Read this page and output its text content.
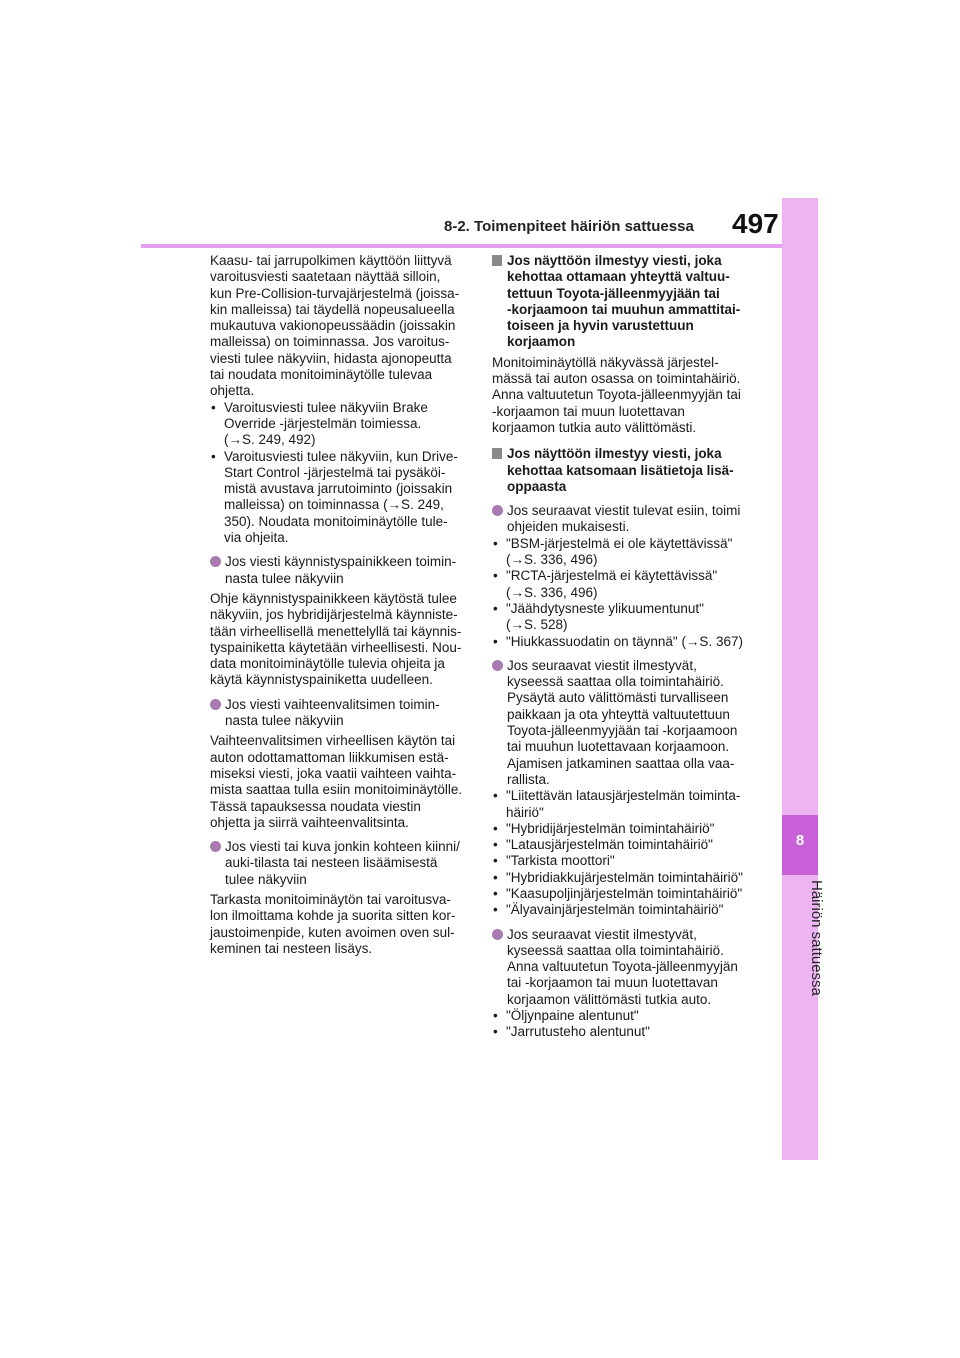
8-2. Toimenpiteet häiriön sattuessa 497
8
Häiriön sattuessa
Kaasu- tai jarrupolkimen käyttöön liittyvä
varoitusviesti saatetaan näyttää silloin,
kun Pre-Collision-turvajärjestelmä (joissa-
kin malleissa) tai täydellä nopeusalueella
mukautuva vakionopeussäädin (joissakin
malleissa) on toiminnassa. Jos varoitus-
viesti tulee näkyviin, hidasta ajonopeutta
tai noudata monitoiminäytölle tulevaa
ohjetta.
• Varoitusviesti tulee näkyviin Brake
Override -järjestelmän toimiessa.
(→S. 249, 492)
• Varoitusviesti tulee näkyviin, kun Drive-
Start Control -järjestelmä tai pysäköi-
mistä avustava jarrutoiminto (joissakin
malleissa) on toiminnassa (→S. 249,
350). Noudata monitoiminäytölle tule-
via ohjeita.
Jos viesti käynnistyspainikkeen toimin-
nasta tulee näkyviin
Ohje käynnistyspainikkeen käytöstä tulee
näkyviin, jos hybridijärjestelmä käynniste-
tään virheellisellä menettelyllä tai käynnis-
tyspainiketta käytetään virheellisesti. Nou-
data monitoiminäytölle tulevia ohjeita ja
käytä käynnistyspainiketta uudelleen.
Jos viesti vaihteenvalitsimen toimin-
nasta tulee näkyviin
Vaihteenvalitsimen virheellisen käytön tai
auton odottamattoman liikkumisen estä-
miseksi viesti, joka vaatii vaihteen vaihta-
mista saattaa tulla esiin monitoiminäytölle.
Tässä tapauksessa noudata viestin
ohjetta ja siirrä vaihteenvalitsinta.
Jos viesti tai kuva jonkin kohteen kiinni/
auki-tilasta tai nesteen lisäämisestä
tulee näkyviin
Tarkasta monitoiminäytön tai varoitusva-
lon ilmoittama kohde ja suorita sitten kor-
jaustoimenpide, kuten avoimen oven sul-
keminen tai nesteen lisäys.
Jos näyttöön ilmestyy viesti, joka
kehottaa ottamaan yhteyttä valtuu-
tettuun Toyota-jälleenmyyjään tai
-korjaamoon tai muuhun ammattitai-
toiseen ja hyvin varustettuun
korjaamon
Monitoiminäytöllä näkyvässä järjestel-
mässä tai auton osassa on toimintahäiriö.
Anna valtuutetun Toyota-jälleenmyyjän tai
-korjaamon tai muun luotettavan
korjaamon tutkia auto välittömästi.
Jos näyttöön ilmestyy viesti, joka
kehottaa katsomaan lisätietoja lisä-
oppaasta
Jos seuraavat viestit tulevat esiin, toimi
ohjeiden mukaisesti.
• "BSM-järjestelmä ei ole käytettävissä"
(→S. 336, 496)
• "RCTA-järjestelmä ei käytettävissä"
(→S. 336, 496)
• "Jäähdytysneste ylikuumentunut"
(→S. 528)
• "Hiukkassuodatin on täynnä" (→S. 367)
Jos seuraavat viestit ilmestyvät,
kyseessä saattaa olla toimintahäiriö.
Pysäytä auto välittömästi turvalliseen
paikkaan ja ota yhteyttä valtuutettuun
Toyota-jälleenmyyjään tai -korjaamoon
tai muuhun luotettavaan korjaamoon.
Ajamisen jatkaminen saattaa olla vaa-
rallista.
• "Liitettävän latausjärjestelmän toiminta-
häiriö"
• "Hybridijärjestelmän toimintahäiriö"
• "Latausjärjestelmän toimintahäiriö"
• "Tarkista moottori"
• "Hybridiakkujärjestelmän toimintahäiriö"
• "Kaasupoljinjärjestelmän toimintahäiriö"
• "Älyavainjärjestelmän toimintahäiriö"
Jos seuraavat viestit ilmestyvät,
kyseessä saattaa olla toimintahäiriö.
Anna valtuutetun Toyota-jälleenmyyjän
tai -korjaamon tai muun luotettavan
korjaamon välittömästi tutkia auto.
• "Öljynpaine alentunut"
• "Jarrutusteho alentunut"
